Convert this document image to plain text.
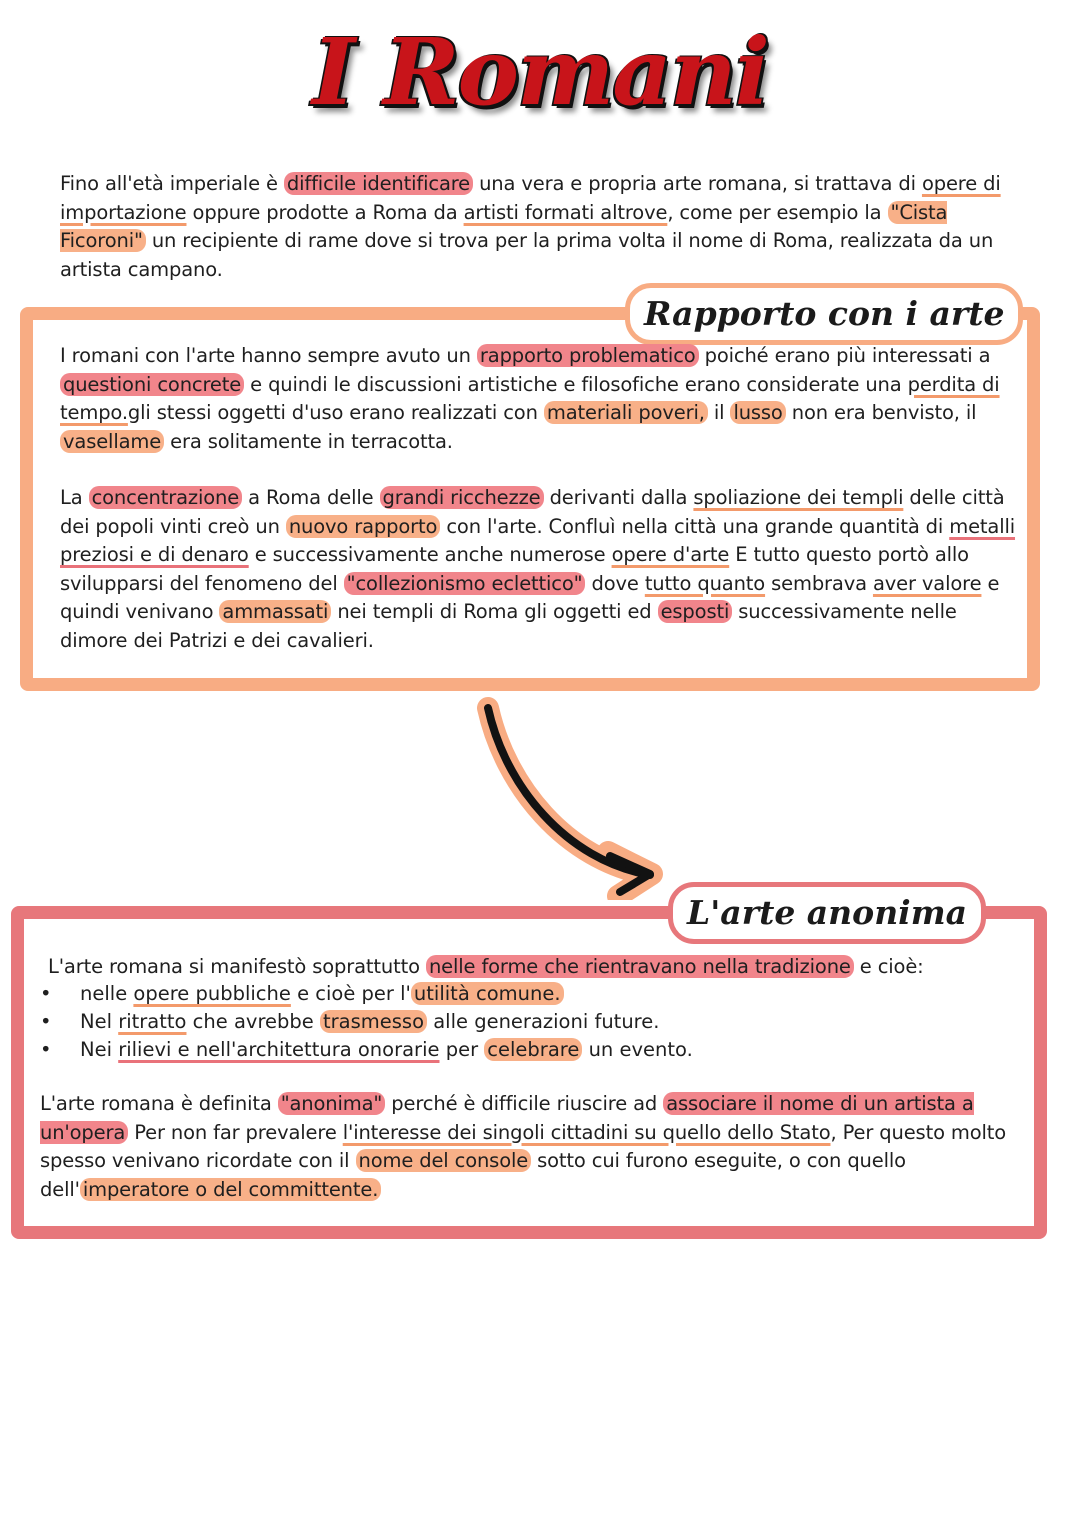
I Romani

Fino all'età imperiale è difficile identificare una vera e propria arte romana, si trattava di opere di importazione oppure prodotte a Roma da artisti formati altrove, come per esempio la "Cista Ficoroni" un recipiente di rame dove si trova per la prima volta il nome di Roma, realizzata da un artista campano.

Rapporto con i arte

I romani con l'arte hanno sempre avuto un rapporto problematico poiché erano più interessati a questioni concrete e quindi le discussioni artistiche e filosofiche erano considerate una perdita di tempo.gli stessi oggetti d'uso erano realizzati con materiali poveri, il lusso non era benvisto, il vasellame era solitamente in terracotta.

La concentrazione a Roma delle grandi ricchezze derivanti dalla spoliazione dei templi delle città dei popoli vinti creò un nuovo rapporto con l'arte. Confluì nella città una grande quantità di metalli preziosi e di denaro e successivamente anche numerose opere d'arte E tutto questo portò allo svilupparsi del fenomeno del "collezionismo eclettico" dove tutto quanto sembrava aver valore e quindi venivano ammassati nei templi di Roma gli oggetti ed esposti successivamente nelle dimore dei Patrizi e dei cavalieri.

L'arte anonima

L'arte romana si manifestò soprattutto nelle forme che rientravano nella tradizione e cioè:

• nelle opere pubbliche e cioè per l' utilità comune.
• Nel ritratto che avrebbe trasmesso alle generazioni future.
• Nei rilievi e nell'architettura onorarie per celebrare un evento.

L'arte romana è definita "anonima" perché è difficile riuscire ad associare il nome di un artista a un'opera Per non far prevalere l'interesse dei singoli cittadini su quello dello Stato, Per questo molto spesso venivano ricordate con il nome del console sotto cui furono eseguite, o con quello dell' imperatore o del committente.
